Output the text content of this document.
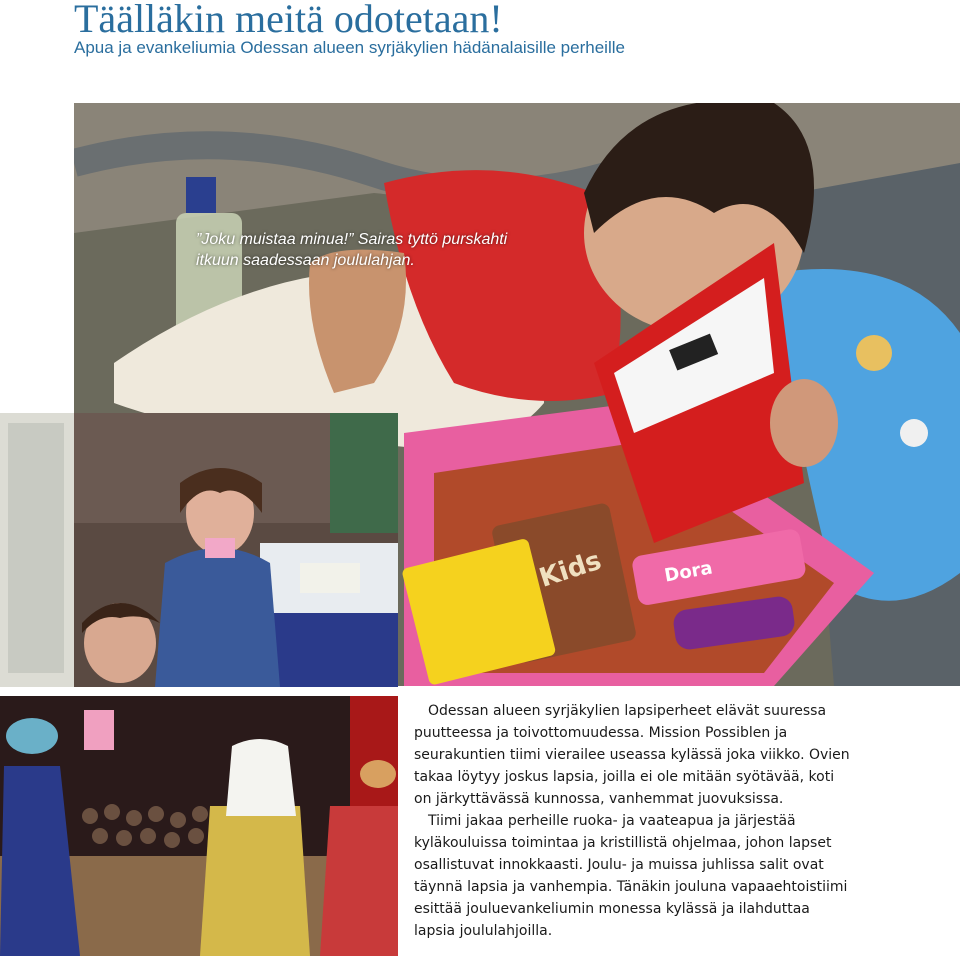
Täälläkin meitä odotetaan!
Apua ja evankeliumia Odessan alueen syrjäkylien hädänalaisille perheille
Kids	Dora

”Joku muistaa minua!” Sairas tyttö purskahti itkuun saadessaan joululahjan.

Odessan alueen syrjäkylien lapsiperheet elävät suuressa puutteessa ja toivottomuudessa. Mission Possiblen ja seurakuntien tiimi vierailee useassa kylässä joka viikko. Ovien takaa löytyy joskus lapsia, joilla ei ole mitään syötävää, koti on järkyttävässä kunnossa, vanhemmat juovuksissa.

Tiimi jakaa perheille ruoka- ja vaateapua ja järjestää kyläkouluissa toimintaa ja kristillistä ohjelmaa, johon lapset osallistuvat innokkaasti. Joulu- ja muissa juhlissa salit ovat täynnä lapsia ja vanhempia. Tänäkin jouluna vapaaehtoistiimi esittää jouluevankeliumin monessa kylässä ja ilahduttaa lapsia joululahjoilla.
